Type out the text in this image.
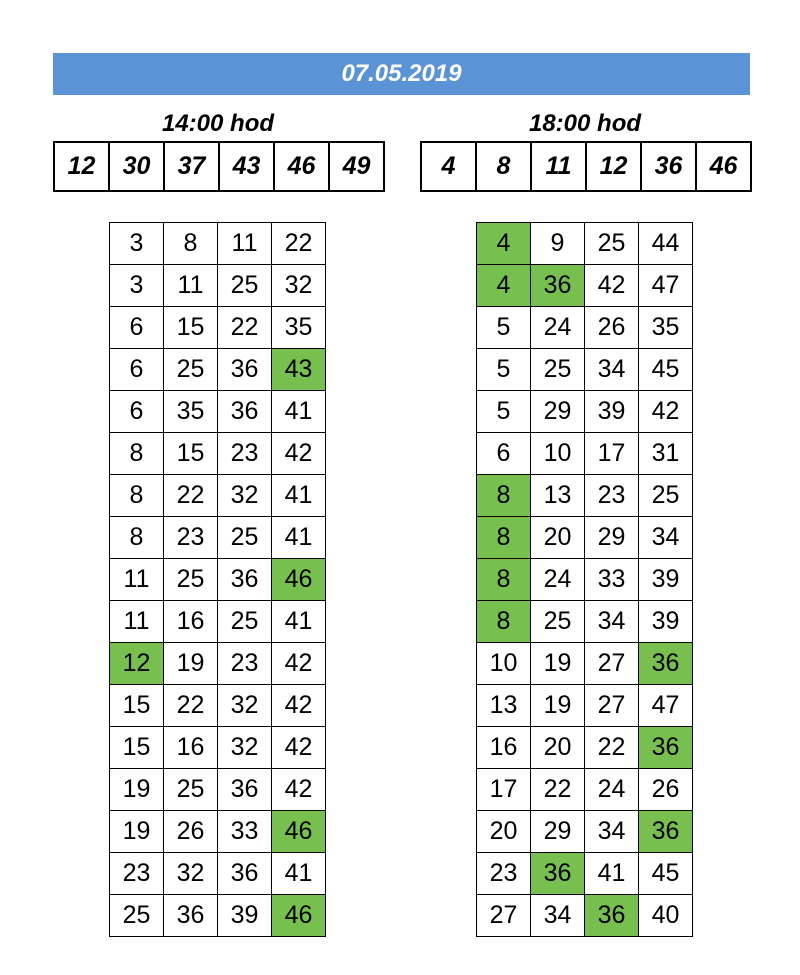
07.05.2019
14:00 hod	18:00 hod
12	30	37	43	46	49	4	8	11	12	36	46
3	8	11	22
3	11	25	32
6	15	22	35
6	25	36	43
6	35	36	41
8	15	23	42
8	22	32	41
8	23	25	41
11	25	36	46
11	16	25	41
12	19	23	42
15	22	32	42
15	16	32	42
19	25	36	42
19	26	33	46
23	32	36	41
25	36	39	46
4	9	25	44
4	36	42	47
5	24	26	35
5	25	34	45
5	29	39	42
6	10	17	31
8	13	23	25
8	20	29	34
8	24	33	39
8	25	34	39
10	19	27	36
13	19	27	47
16	20	22	36
17	22	24	26
20	29	34	36
23	36	41	45
27	34	36	40
